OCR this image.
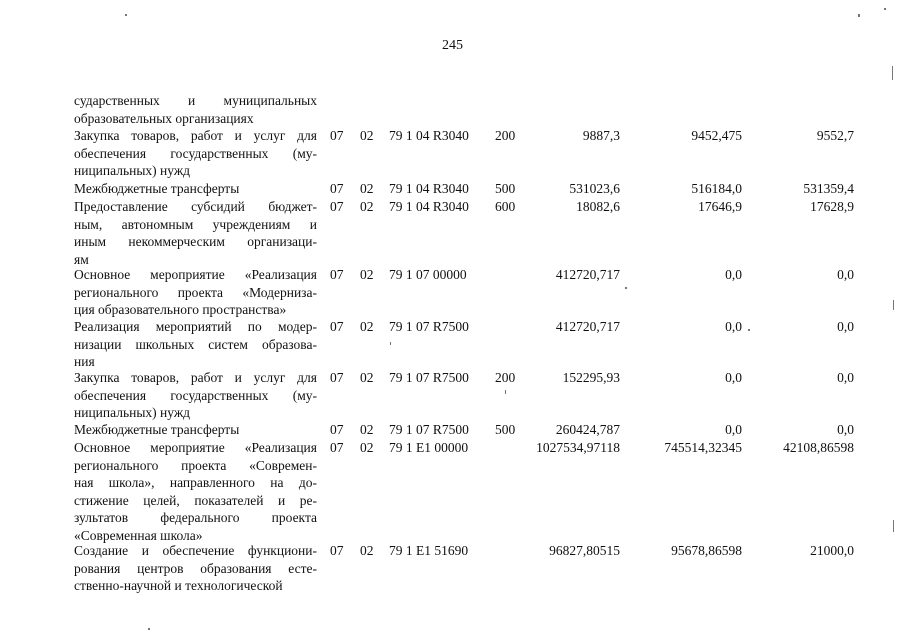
245
сударственных и муниципальных
образовательных организациях
Закупка товаров, работ и услуг для
обеспечения государственных (му-
ниципальных) нужд
07 02 79 1 04 R3040 200	9887,3	9452,475	9552,7
Межбюджетные трансферты	07 02 79 1 04 R3040 500	531023,6	516184,0	531359,4
Предоставление субсидий бюджет-
ным, автономным учреждениям и
иным некоммерческим организаци-
ям
07 02 79 1 04 R3040 600	18082,6	17646,9	17628,9
Основное мероприятие «Реализация
регионального проекта «Модерниза-
ция образовательного пространства»
07 02 79 1 07 00000	412720,717	0,0	0,0
Реализация мероприятий по модер-
низации школьных систем образова-
ния
07 02 79 1 07 R7500	412720,717	0,0	0,0
Закупка товаров, работ и услуг для
обеспечения государственных (му-
ниципальных) нужд
07 02 79 1 07 R7500 200	152295,93	0,0	0,0
Межбюджетные трансферты	07 02 79 1 07 R7500 500	260424,787	0,0	0,0
Основное мероприятие «Реализация
регионального проекта «Современ-
ная школа», направленного на до-
стижение целей, показателей и ре-
зультатов федерального проекта
«Современная школа»
07 02 79 1 E1 00000	1027534,97118	745514,32345	42108,86598
Создание и обеспечение функциони-
рования центров образования есте-
ственно-научной и технологической
07 02 79 1 E1 51690	96827,80515	95678,86598	21000,0
